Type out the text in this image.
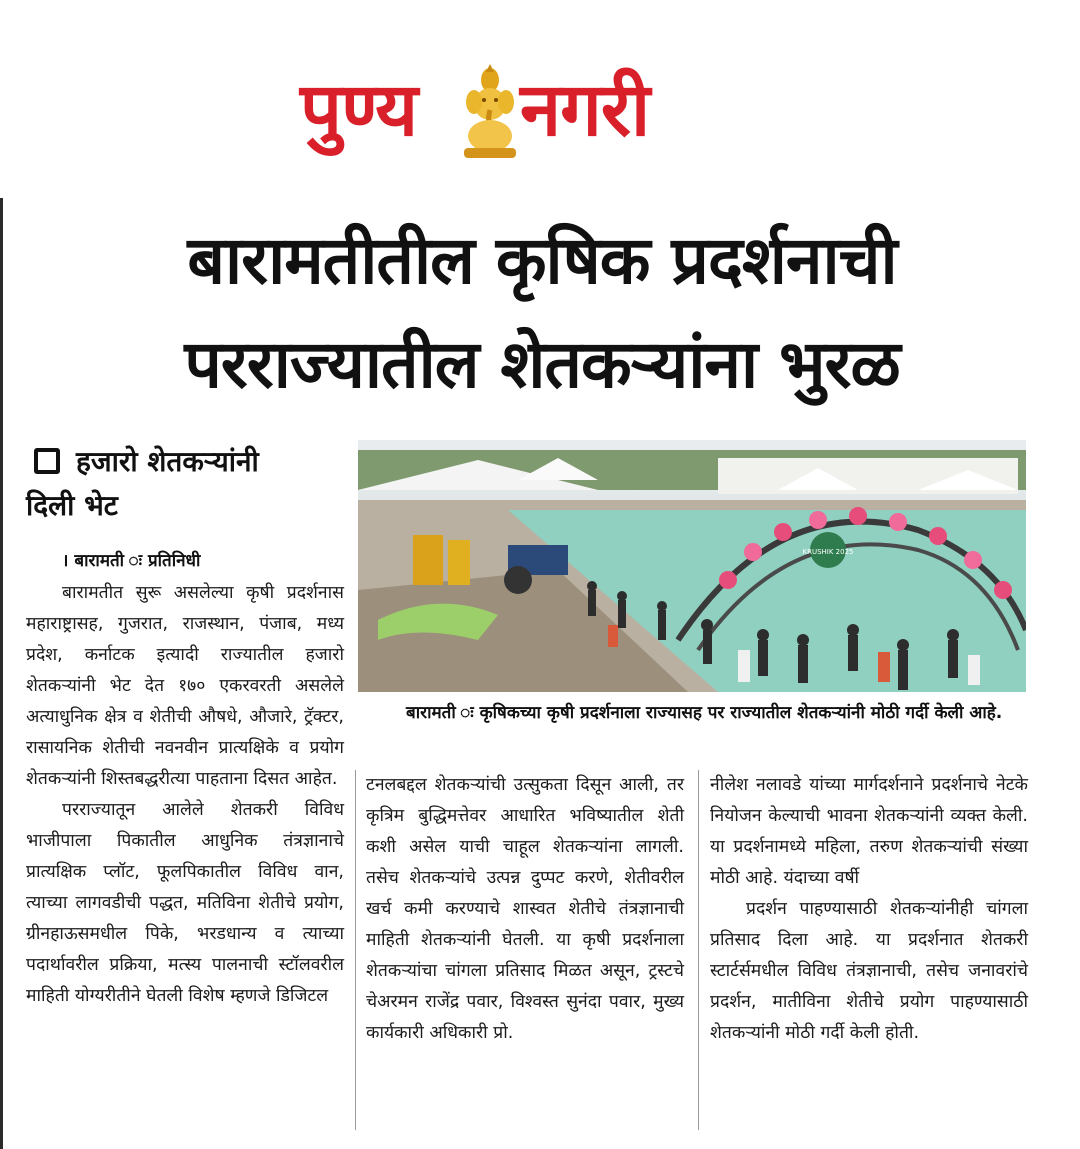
पुण्य नगरी
बारामतीतील कृषिक प्रदर्शनाची
परराज्यातील शेतकऱ्यांना भुरळ
हजारो शेतकऱ्यांनी
दिली भेट
। बारामती ः प्रतिनिधी

बारामतीत सुरू असलेल्या कृषी प्रदर्शनास महाराष्ट्रासह, गुजरात, राजस्थान, पंजाब, मध्य प्रदेश, कर्नाटक इत्यादी राज्यातील हजारो शेतकऱ्यांनी भेट देत १७० एकरवरती असलेले अत्याधुनिक क्षेत्र व शेतीची औषधे, औजारे, ट्रॅक्टर, रासायनिक शेतीची नवनवीन प्रात्यक्षिके व प्रयोग शेतकऱ्यांनी शिस्तबद्धरीत्या पाहताना दिसत आहेत.

परराज्यातून आलेले शेतकरी विविध भाजीपाला पिकातील आधुनिक तंत्रज्ञानाचे प्रात्यक्षिक प्लॉट, फूलपिकातील विविध वान, त्याच्या लागवडीची पद्धत, मतिविना शेतीचे प्रयोग, ग्रीनहाऊसमधील पिके, भरडधान्य व त्याच्या पदार्थावरील प्रक्रिया, मत्स्य पालनाची स्टॉलवरील माहिती योग्यरीतीने घेतली विशेष म्हणजे डिजिटल

KRUSHIK 2025
बारामती ः कृषिकच्या कृषी प्रदर्शनाला राज्यासह पर राज्यातील शेतकऱ्यांनी मोठी गर्दी केली आहे.

टनलबद्दल शेतकऱ्यांची उत्सुकता दिसून आली, तर कृत्रिम बुद्धिमत्तेवर आधारित भविष्यातील शेती कशी असेल याची चाहूल शेतकऱ्यांना लागली. तसेच शेतकऱ्यांचे उत्पन्न दुप्पट करणे, शेतीवरील खर्च कमी करण्याचे शास्वत शेतीचे तंत्रज्ञानाची माहिती शेतकऱ्यांनी घेतली. या कृषी प्रदर्शनाला शेतकऱ्यांचा चांगला प्रतिसाद मिळत असून, ट्रस्टचे चेअरमन राजेंद्र पवार, विश्वस्त सुनंदा पवार, मुख्य कार्यकारी अधिकारी प्रो.

नीलेश नलावडे यांच्या मार्गदर्शनाने प्रदर्शनाचे नेटके नियोजन केल्याची भावना शेतकऱ्यांनी व्यक्त केली. या प्रदर्शनामध्ये महिला, तरुण शेतकऱ्यांची संख्या मोठी आहे. यंदाच्या वर्षी

प्रदर्शन पाहण्यासाठी शेतकऱ्यांनीही चांगला प्रतिसाद दिला आहे. या प्रदर्शनात शेतकरी स्टार्टर्समधील विविध तंत्रज्ञानाची, तसेच जनावरांचे प्रदर्शन, मातीविना शेतीचे प्रयोग पाहण्यासाठी शेतकऱ्यांनी मोठी गर्दी केली होती.
